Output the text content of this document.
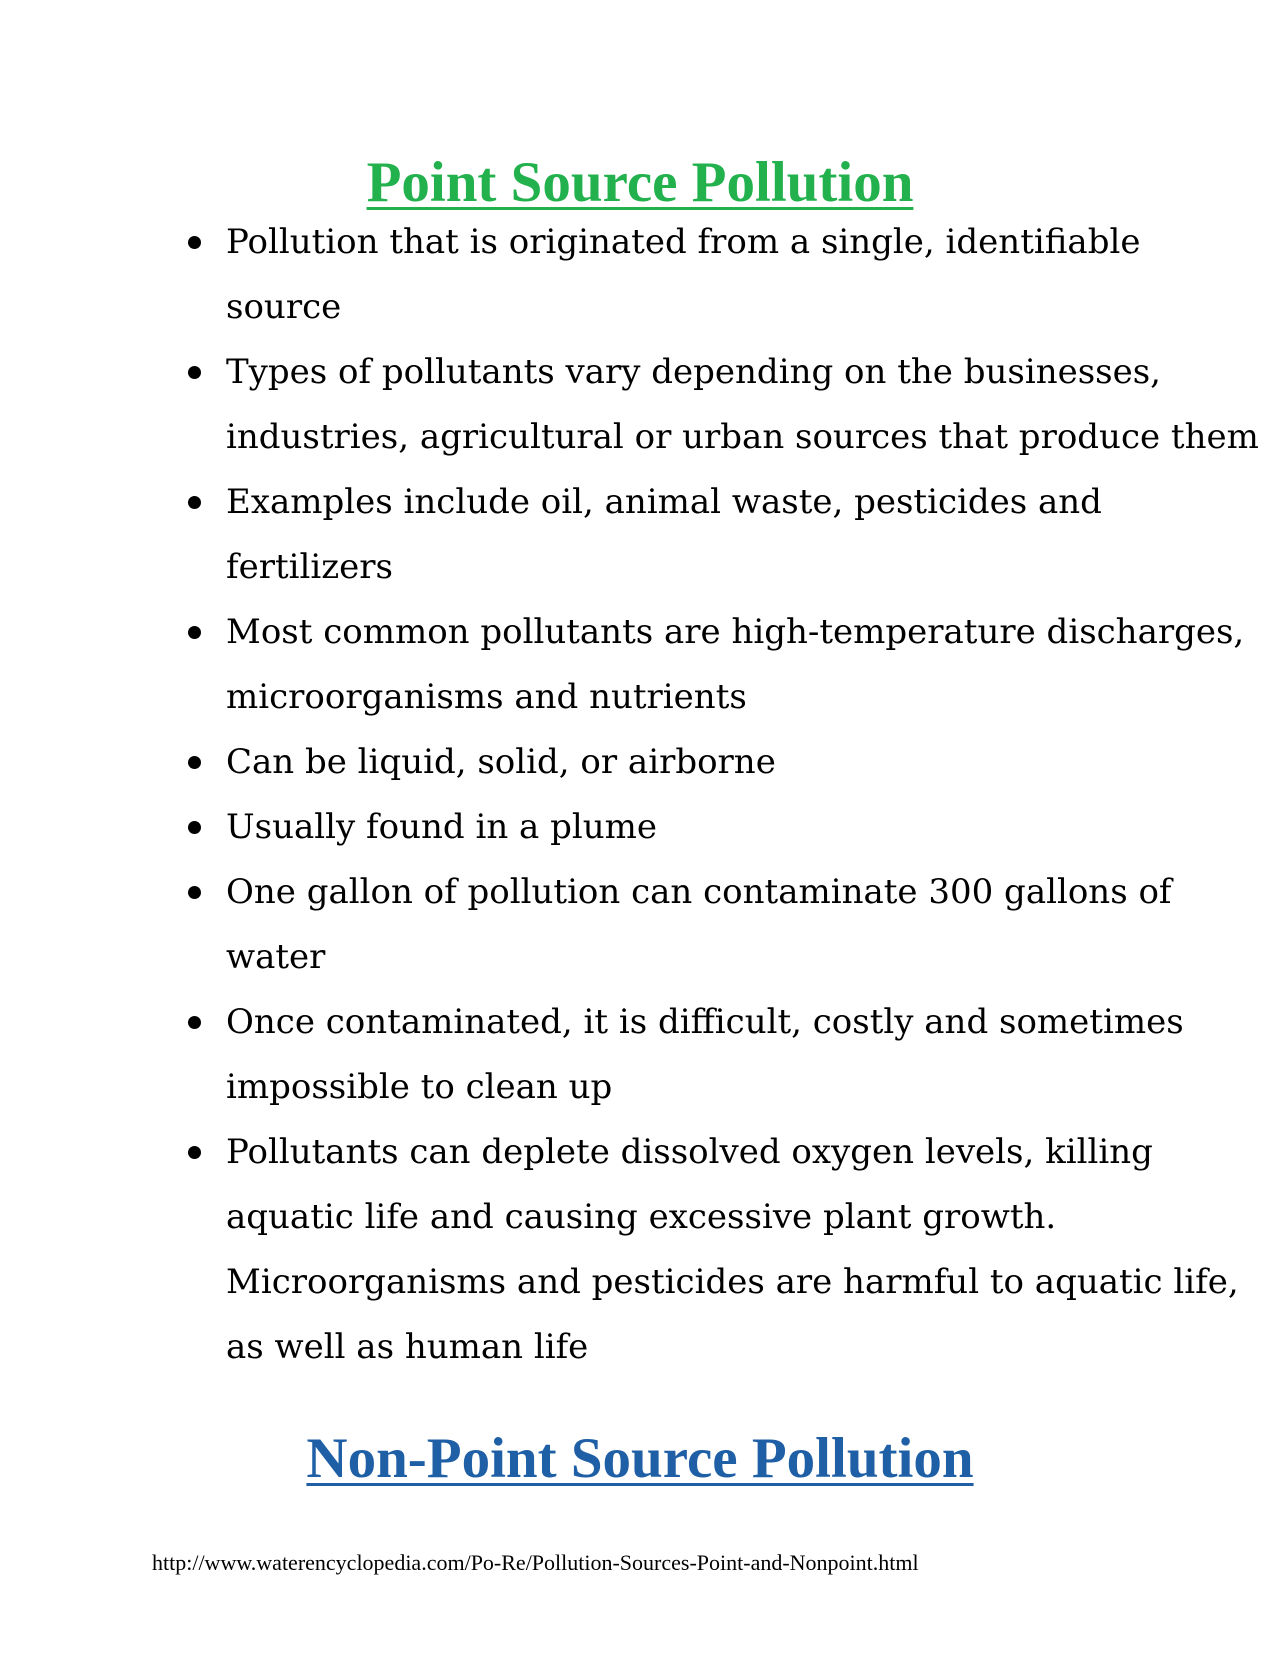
Point Source Pollution
Pollution that is originated from a single, identifiable
source
Types of pollutants vary depending on the businesses,
industries, agricultural or urban sources that produce them
Examples include oil, animal waste, pesticides and
fertilizers
Most common pollutants are high-temperature discharges,
microorganisms and nutrients
Can be liquid, solid, or airborne
Usually found in a plume
One gallon of pollution can contaminate 300 gallons of
water
Once contaminated, it is difficult, costly and sometimes
impossible to clean up
Pollutants can deplete dissolved oxygen levels, killing
aquatic life and causing excessive plant growth.
Microorganisms and pesticides are harmful to aquatic life,
as well as human life
Non-Point Source Pollution
http://www.waterencyclopedia.com/Po-Re/Pollution-Sources-Point-and-Nonpoint.html
